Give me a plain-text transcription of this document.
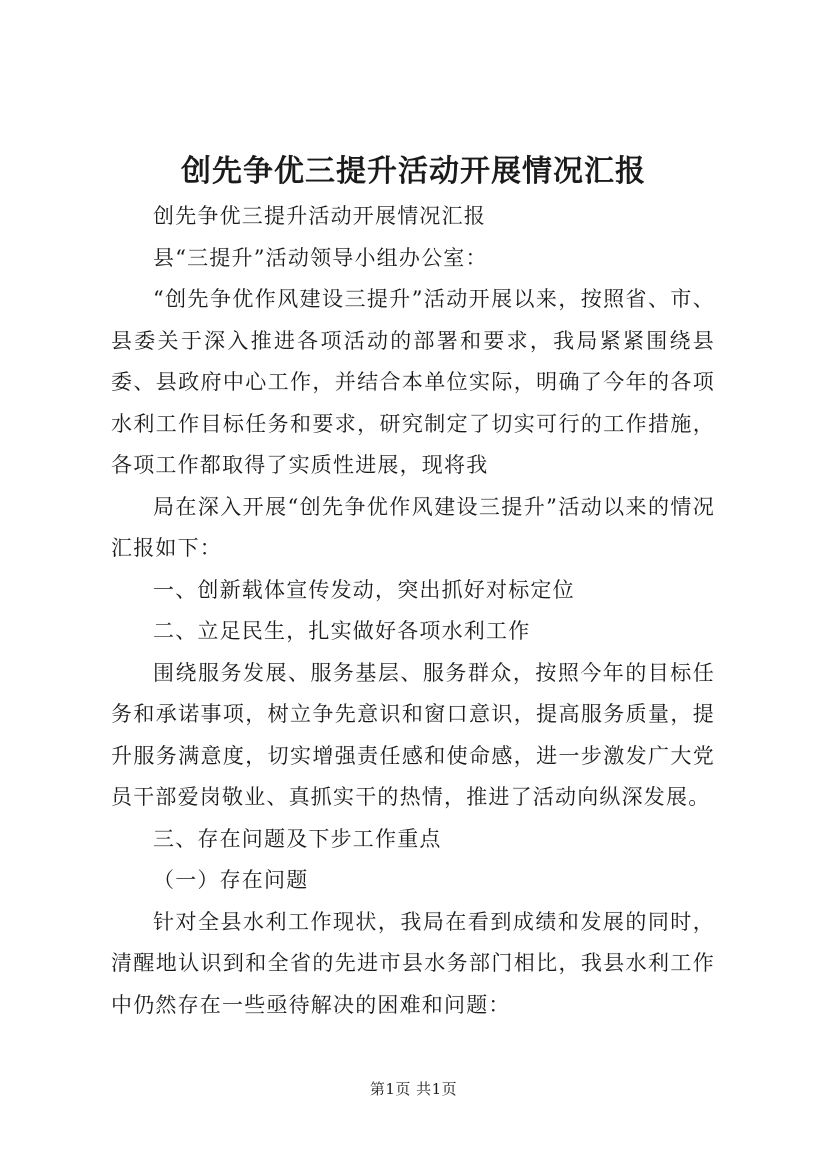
创先争优三提升活动开展情况汇报

创先争优三提升活动开展情况汇报

县“三提升”活动领导小组办公室：

“创先争优作风建设三提升”活动开展以来，按照省、市、县委关于深入推进各项活动的部署和要求，我局紧紧围绕县委、县政府中心工作，并结合本单位实际，明确了今年的各项水利工作目标任务和要求，研究制定了切实可行的工作措施，各项工作都取得了实质性进展，现将我

局在深入开展“创先争优作风建设三提升”活动以来的情况汇报如下：

一、创新载体宣传发动，突出抓好对标定位

二、立足民生，扎实做好各项水利工作

围绕服务发展、服务基层、服务群众，按照今年的目标任务和承诺事项，树立争先意识和窗口意识，提高服务质量，提升服务满意度，切实增强责任感和使命感，进一步激发广大党员干部爱岗敬业、真抓实干的热情，推进了活动向纵深发展。

三、存在问题及下步工作重点

（一）存在问题

针对全县水利工作现状，我局在看到成绩和发展的同时，清醒地认识到和全省的先进市县水务部门相比，我县水利工作中仍然存在一些亟待解决的困难和问题：

第1页 共1页
